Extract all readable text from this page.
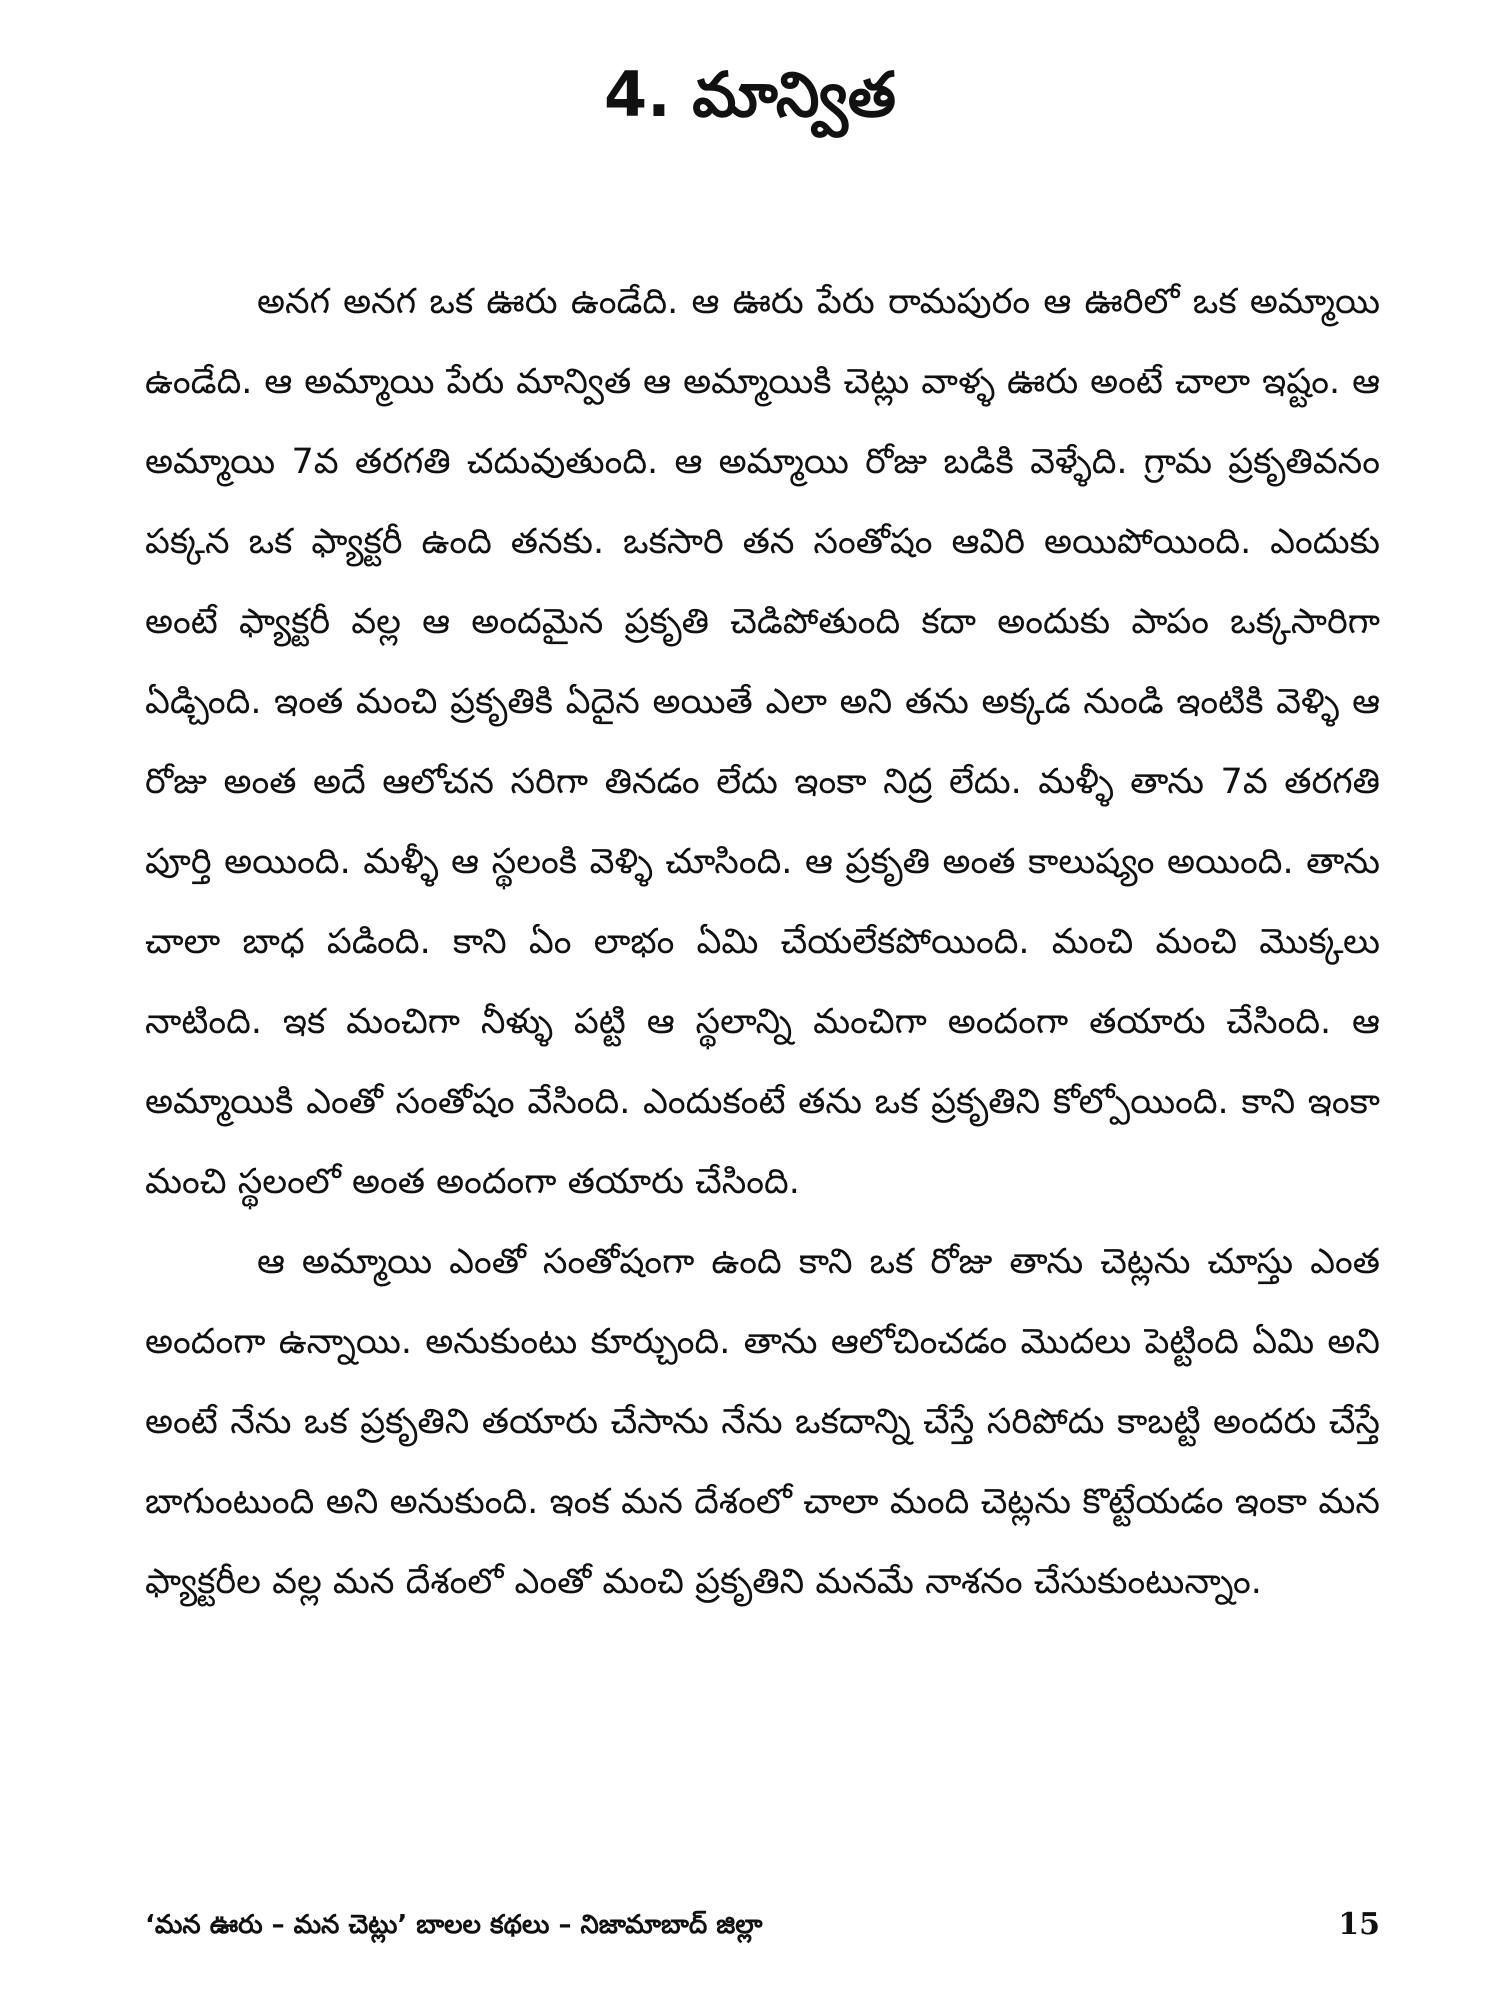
4. మాన్విత

అనగ అనగ ఒక ఊరు ఉండేది. ఆ ఊరు పేరు రామపురం ఆ ఊరిలో ఒక అమ్మాయి ఉండేది. ఆ అమ్మాయి పేరు మాన్విత ఆ అమ్మాయికి చెట్లు వాళ్ళ ఊరు అంటే చాలా ఇష్టం. ఆ అమ్మాయి 7వ తరగతి చదువుతుంది. ఆ అమ్మాయి రోజు బడికి వెళ్ళేది. గ్రామ ప్రకృతివనం పక్కన ఒక ఫ్యాక్టరీ ఉంది తనకు. ఒకసారి తన సంతోషం ఆవిరి అయిపోయింది. ఎందుకు అంటే ఫ్యాక్టరీ వల్ల ఆ అందమైన ప్రకృతి చెడిపోతుంది కదా అందుకు పాపం ఒక్కసారిగా ఏడ్చింది. ఇంత మంచి ప్రకృతికి ఏదైన అయితే ఎలా అని తను అక్కడ నుండి ఇంటికి వెళ్ళి ఆ రోజు అంత అదే ఆలోచన సరిగా తినడం లేదు ఇంకా నిద్ర లేదు. మళ్ళీ తాను 7వ తరగతి పూర్తి అయింది. మళ్ళీ ఆ స్థలంకి వెళ్ళి చూసింది. ఆ ప్రకృతి అంత కాలుష్యం అయింది. తాను చాలా బాధ పడింది. కాని ఏం లాభం ఏమి చేయలేకపోయింది. మంచి మంచి మొక్కలు నాటింది. ఇక మంచిగా నీళ్ళు పట్టి ఆ స్థలాన్ని మంచిగా అందంగా తయారు చేసింది. ఆ అమ్మాయికి ఎంతో సంతోషం వేసింది. ఎందుకంటే తను ఒక ప్రకృతిని కోల్పోయింది. కాని ఇంకా మంచి స్థలంలో అంత అందంగా తయారు చేసింది.

ఆ అమ్మాయి ఎంతో సంతోషంగా ఉంది కాని ఒక రోజు తాను చెట్లను చూస్తు ఎంత అందంగా ఉన్నాయి. అనుకుంటు కూర్చుంది. తాను ఆలోచించడం మొదలు పెట్టింది ఏమి అని అంటే నేను ఒక ప్రకృతిని తయారు చేసాను నేను ఒకదాన్ని చేస్తే సరిపోదు కాబట్టి అందరు చేస్తే బాగుంటుంది అని అనుకుంది. ఇంక మన దేశంలో చాలా మంది చెట్లను కొట్టేయడం ఇంకా మన ఫ్యాక్టరీల వల్ల మన దేశంలో ఎంతో మంచి ప్రకృతిని మనమే నాశనం చేసుకుంటున్నాం.

‘మన ఊరు – మన చెట్లు’ బాలల కథలు – నిజామాబాద్ జిల్లా	15
